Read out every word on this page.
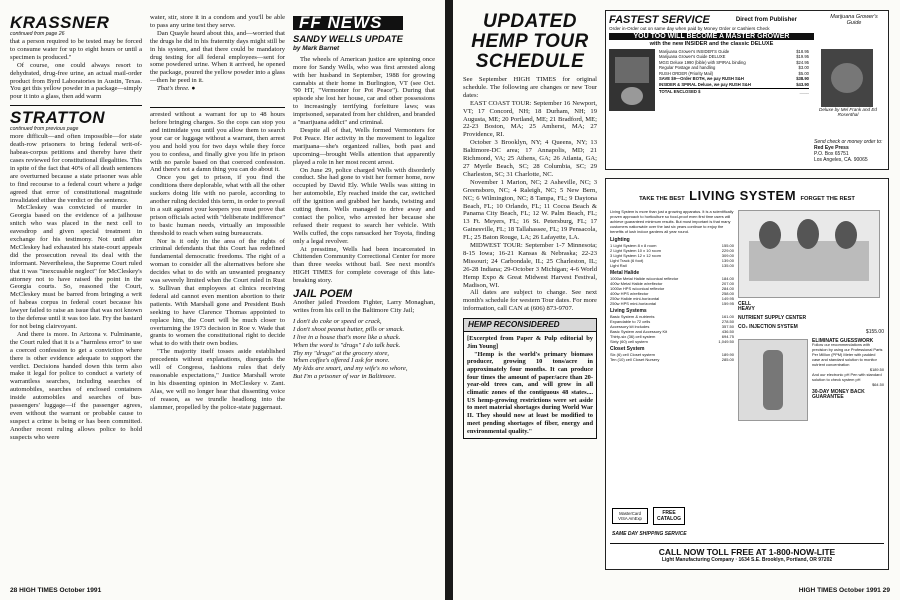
KRASSNER
continued from page 26

that a person required to be tested may be forced to consume water for up to eight hours or until a specimen is produced."

Of course, one could always resort to dehydrated, drug-free urine, an actual mail-order product from Byrd Laboratories in Austin, Texas. You get this yellow powder in a package—simply pour it into a glass, then add warm

STRATTON
continued from previous page

more difficult—and often impossible—for state death-row prisoners to bring federal writ-of-habeas-corpus petitions and thereby have their cases reviewed for constitutional illegalities. This in spite of the fact that 40% of all death sentences are overturned because a state prisoner was able to find recourse to a federal court where a judge agreed that error of constitutional magnitude invalidated either the verdict or the sentence.

McCleskey was convicted of murder in Georgia based on the evidence of a jailhouse snitch who was placed in the next cell to eavesdrop and given special treatment in exchange for his testimony. Not until after McCleskey had exhausted his state-court appeals did the prosecution reveal its deal with the informant. Nevertheless, the Supreme Court ruled that it was "inexcusable neglect" for McCleskey's attorney not to have raised the point in the Georgia courts. So, reasoned the Court, McCleskey must be barred from bringing a writ of habeas corpus in federal court because his lawyer failed to raise an issue that was not known to the defense until it was too late. Fry the bastard for not being clairvoyant.

And there is more. In Arizona v. Fulminante, the Court ruled that it is a "harmless error" to use a coerced confession to get a conviction where there is other evidence adequate to support the verdict. Decisions handed down this term also make it legal for police to conduct a variety of warrantless searches, including searches of automobiles, searches of enclosed containers inside automobiles and searches of bus-passengers' luggage—if the passenger agrees, even without the warrant or probable cause to suspect a crime is being or has been committed. Another recent ruling allows police to hold suspects who were

water, stir, store it in a condom and you'll be able to pass any urine test they serve.

Dan Quayle heard about this, and—worried that the drugs he did in his fraternity days might still be in his system, and that there could be mandatory drug testing for all federal employees—sent for some powdered urine. When it arrived, he opened the package, poured the yellow powder into a glass—then he peed in it.

That's three. ●

arrested without a warrant for up to 48 hours before bringing charges. So the cops can stop you and intimidate you until you allow them to search your car or luggage without a warrant, then arrest you and hold you for two days while they force you to confess, and finally give you life in prison with no parole based on that coerced confession. And there's not a damn thing you can do about it.

Once you get to prison, if you find the conditions there deplorable, what with all the other suckers doing life with no parole, according to another ruling decided this term, in order to prevail in a suit against your keepers you must prove that prison officials acted with "deliberate indifference" to basic human needs, virtually an impossible threshold to reach when suing bureaucrats.

Nor is it only in the area of the rights of criminal defendants that this Court has redefined fundamental democratic freedoms. The right of a woman to consider all the alternatives before she decides what to do with an unwanted pregnancy was severely limited when the Court ruled in Rust v. Sullivan that employees at clinics receiving federal aid cannot even mention abortion to their patients. With Marshall gone and President Bush seeking to have Clarence Thomas appointed to replace him, the Court will be much closer to overturning the 1973 decision in Roe v. Wade that grants to women the constitutional right to decide what to do with their own bodies.

"The majority itself tosses aside established precedents without explanations, disregards the will of Congress, fashions rules that defy reasonable expectations," Justice Marshall wrote in his dissenting opinion in McCleskey v. Zant. Alas, we will no longer hear that dissenting voice of reason, as we trundle headlong into the slammer, propelled by the police-state juggernaut.

FF NEWS
SANDY WELLS UPDATE
by Mark Barnet

The wheels of American justice are spinning once more for Sandy Wells, who was first arrested along with her husband in September, 1988 for growing cannabis at their home in Burlington, VT (see Oct. '90 HT, "Vermonter for Pot Peace"). During that episode she lost her house, car and other possessions to increasingly terrifying forfeiture laws; was imprisoned, separated from her children, and branded a "marijuana addict" and criminal.

Despite all of that, Wells formed Vermonters for Pot Peace. Her activity in the movement to legalize marijuana—she's organized rallies, both past and upcoming—brought Wells attention that apparently played a role in her most recent arrest.

On June 29, police charged Wells with disorderly conduct. She had gone to visit her former home, now occupied by David Ely. While Wells was sitting in her automobile, Ely reached inside the car, switched off the ignition and grabbed her hands, twisting and cutting them. Wells managed to drive away and contact the police, who arrested her because she refused their request to search her vehicle. With Wells cuffed, the cops ransacked her Toyota, finding only a legal revolver.

At presstime, Wells had been incarcerated in Chittenden Community Correctional Center for more than three weeks without bail. See next month's HIGH TIMES for complete coverage of this late-breaking story.

JAIL POEM

Another jailed Freedom Fighter, Larry Monaghan, writes from his cell in the Baltimore City Jail;

I don't do coke or speed or crack,
I don't shoot peanut butter, pills or smack.
I live in a house that's more like a shack.
When the word is "drugs" I do talk back.
Thy my "drugs" at the grocery store,
When coffee's offered I ask for more.
My kids are smart, and my wife's no whore,
But I'm a prisoner of war in Baltimore.
28 HIGH TIMES October 1991
UPDATED
HEMP TOUR
SCHEDULE

See September HIGH TIMES for original schedule. The following are changes or new Tour dates:

EAST COAST TOUR: September 16 Newport, VT; 17 Concord, NH; 18 Durham, NH; 19 Augusta, ME; 20 Portland, ME; 21 Bradford, ME; 22-23 Boston, MA; 25 Amherst, MA; 27 Providence, RI.

October 3 Brooklyn, NY; 4 Queens, NY; 13 Baltimore-DC area; 17 Annapolis, MD; 21 Richmond, VA; 25 Athens, GA; 26 Atlanta, GA; 27 Myrtle Beach, SC; 28 Columbia, SC; 29 Charleston, SC; 31 Charlotte, NC.

November 1 Marion, NC; 2 Asheville, NC; 3 Greensboro, NC; 4 Raleigh, NC; 5 New Bern, NC; 6 Wilmington, NC; 8 Tampa, FL; 9 Daytona Beach, FL; 10 Orlando, FL; 11 Cocoa Beach & Panama City Beach, FL; 12 W. Palm Beach, FL; 13 Ft. Meyers, FL; 16 St. Petersburg, FL; 17 Gainesville, FL; 18 Tallahassee, FL; 19 Pensacola, FL; 25 Baton Rouge, LA; 26 Lafayette, LA.

MIDWEST TOUR: September 1-7 Minnesota; 8-15 Iowa; 16-21 Kansas & Nebraska; 22-23 Missouri; 24 Carbondale, IL; 25 Charleston, IL; 26-28 Indiana; 29-October 3 Michigan; 4-6 World Hemp Expo & Great Midwest Harvest Festival, Madison, WI.

All dates are subject to change. See next month's schedule for western Tour dates. For more information, call CAN at (606) 873-9707.

HEMP RECONSIDERED

[Excerpted from Paper & Pulp editorial by Jim Young]

"Hemp is the world's primary biomass producer, growing 10 tons/acre in approximately four months. It can produce four times the amount of paper/acre than 20-year-old trees can, and will grow in all climatic zones of the contiguous 48 states.... US hemp-growing restrictions were set aside to meet material shortages during World War II. They should now at least be modified to meet pending shortages of fiber, energy and environmental quality."

FASTEST SERVICE	Direct from Publisher	Marijuana Grower's Guide
Order in-Order out on same day when paid by Money Order or Cashiers Check
YOU TOO WILL BECOME A MASTER GROWER
with the new INSIDER and the classic DELUXE
Marijuana Grower's INSIDER'S Guide	$18.95
Marijuana Grower's Guide DELUXE	$19.95
MGG Deluxe 1990 (bible) with SPIRAL binding	$24.95
Regular Postage and handling	$3.00
RUSH ORDER (Priority Mail)	$5.00
SAVE $9—Order BOTH, we pay RUSH S&H	$38.90
INSIDER & SPIRAL Deluxe, we pay RUSH S&H	$43.90
TOTAL ENCLOSED $	____
Deluxe by Mel Frank and Ed Rosenthal
Send check or money order to:
Red Eye Press
P.O. Box 65751
Los Angeles, CA. 90065
TAKE THE BEST LIVING SYSTEM FORGET THE REST
Living System is more than just a growing apparatus. It is a scientifically proven approach to horticulture so food-proof even first time users will achieve guaranteed minimum results. But most important is that many customers nationwide over the last six years continue to enjoy the benefits of lush indoor gardens all year round.
Lighting
1 Light System 8 x 8 room	155.00
2 Light System 10 x 10 room	229.00
3 Light System 12 x 12 room	309.00
Light Track (6 foot)	139.00
Light Rail	135.00
Metal Halide
1000w Metal Halide w/conical reflector	184.00
400w Metal Halide w/reflector	207.00
1000w HPS w/conical reflector	284.00
400w HPS w/reflector	258.00
250w Halide mini-horizontal	149.95
250w HPS mini-horizontal	159.95
Living Systems
Basic System & nutrients	161.00
Expandable to 72 cells	278.50
Accessory kit includes	357.50
Basic System and Accessory Kit	436.50
Thirty-six (36) cell system	694.75
Sixty (60) cell system	1,049.50
Closet System
Six (6) cell Closet system	189.90
Ten (10) cell Closet Nursery	285.00
CELL
HEAVY
NUTRIENT SUPPLY CENTER
CO₂ INJECTION SYSTEM
$155.00
ELIMINATE GUESSWORK
Follow our recommendations with precision by using our Professional Parts Per Million (PPM) Meter with padded case and standard solution to monitor nutrient concentration
$189.50
And our electronic pH Pen with standard solution to check system pH
$64.50
30-DAY MONEY BACK GUARANTEE
MasterCard VISA AmExp
FREE CATALOG
SAME DAY SHIPPING SERVICE
CALL NOW TOLL FREE AT 1-800-NOW-LITE
Light Manufacturing Company · 1634 S.E. Brooklyn, Portland, OR 97202
HIGH TIMES October 1991 29
